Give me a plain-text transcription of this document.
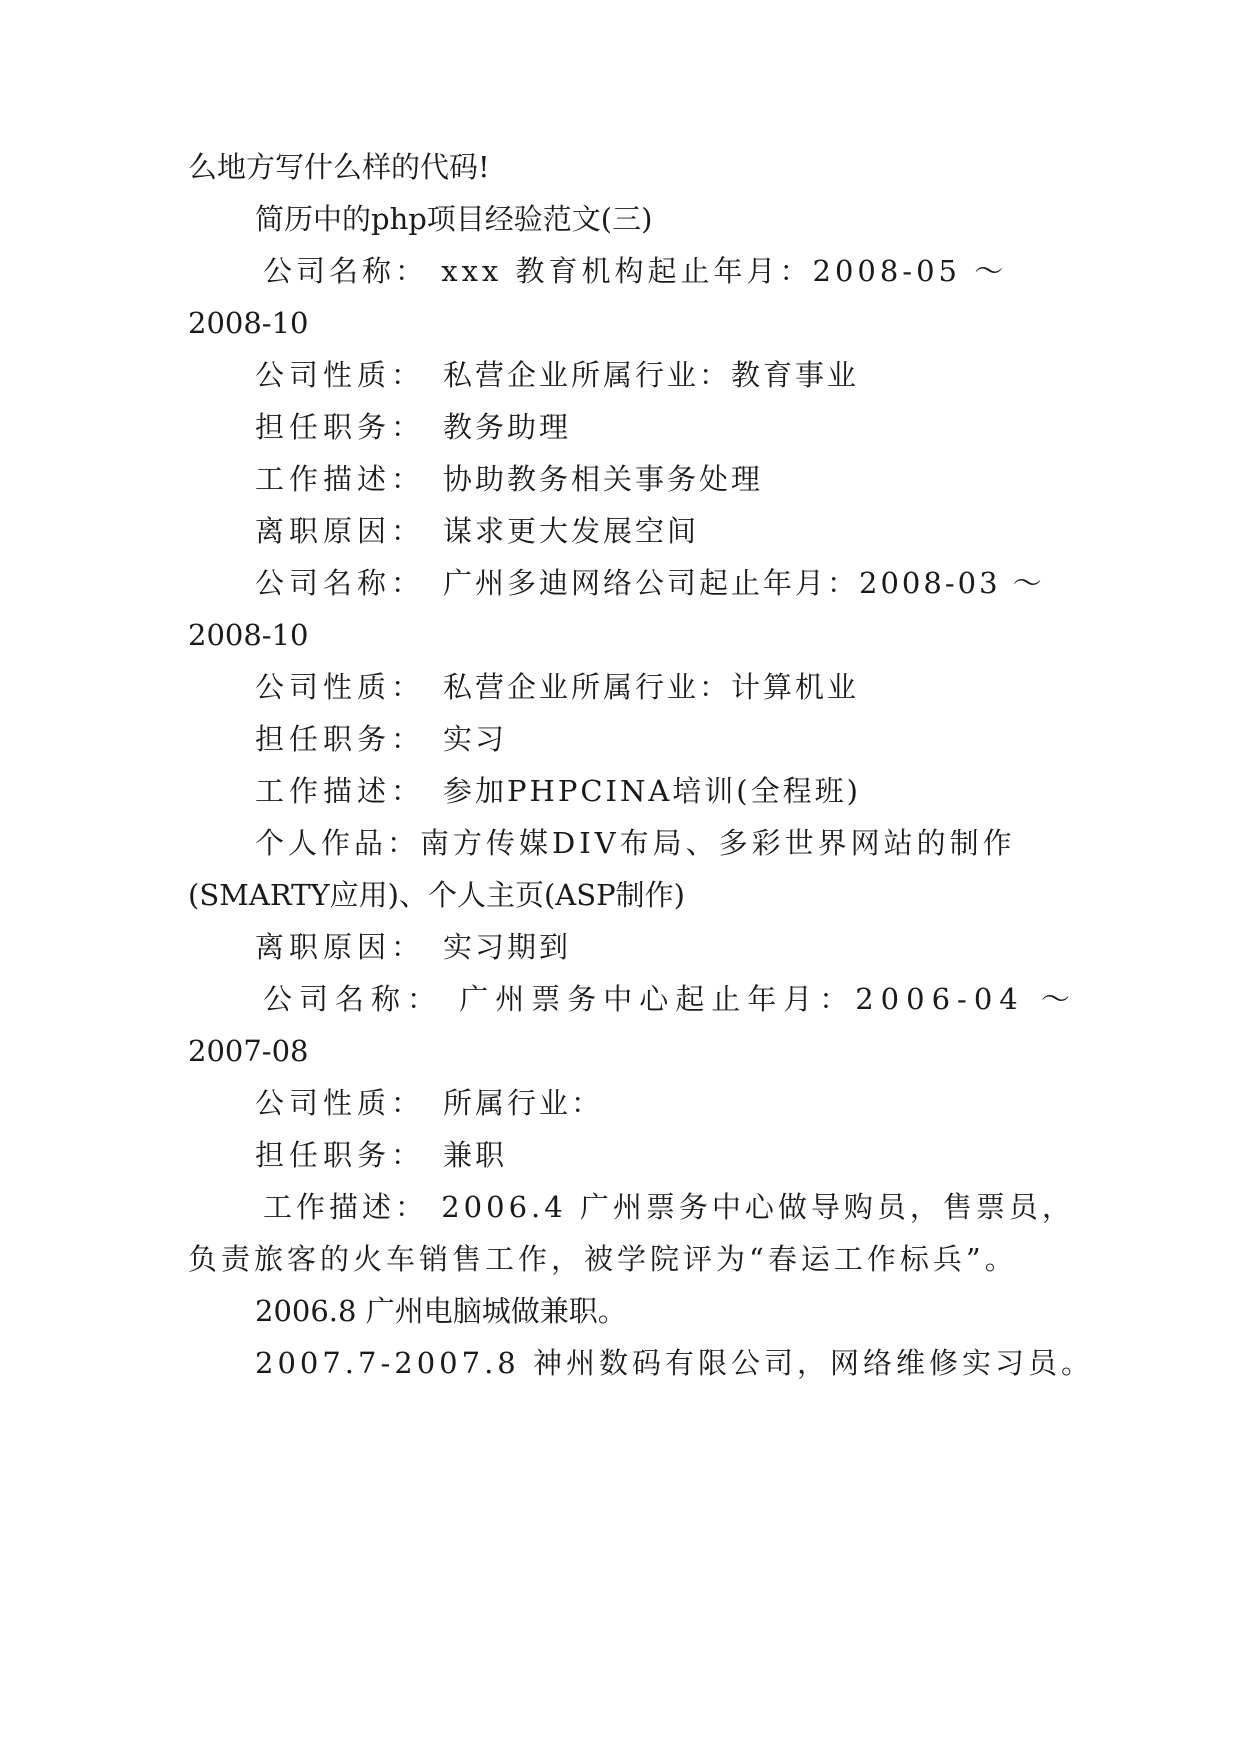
么地方写什么样的代码!
简历中的php项目经验范文(三)
公司名称： xxx 教育机构起止年月：2008-05 ～
2008-10
公司性质： 私营企业所属行业：教育事业
担任职务： 教务助理
工作描述： 协助教务相关事务处理
离职原因： 谋求更大发展空间
公司名称： 广州多迪网络公司起止年月：2008-03 ～
2008-10
公司性质： 私营企业所属行业：计算机业
担任职务： 实习
工作描述： 参加PHPCINA培训(全程班)
个人作品：南方传媒DIV布局、多彩世界网站的制作
(SMARTY应用)、个人主页(ASP制作)
离职原因： 实习期到
公司名称： 广州票务中心起止年月：2006-04 ～
2007-08
公司性质： 所属行业：
担任职务： 兼职
工作描述： 2006.4 广州票务中心做导购员，售票员，
负责旅客的火车销售工作，被学院评为“春运工作标兵”。
2006.8 广州电脑城做兼职。
2007.7-2007.8 神州数码有限公司，网络维修实习员。
